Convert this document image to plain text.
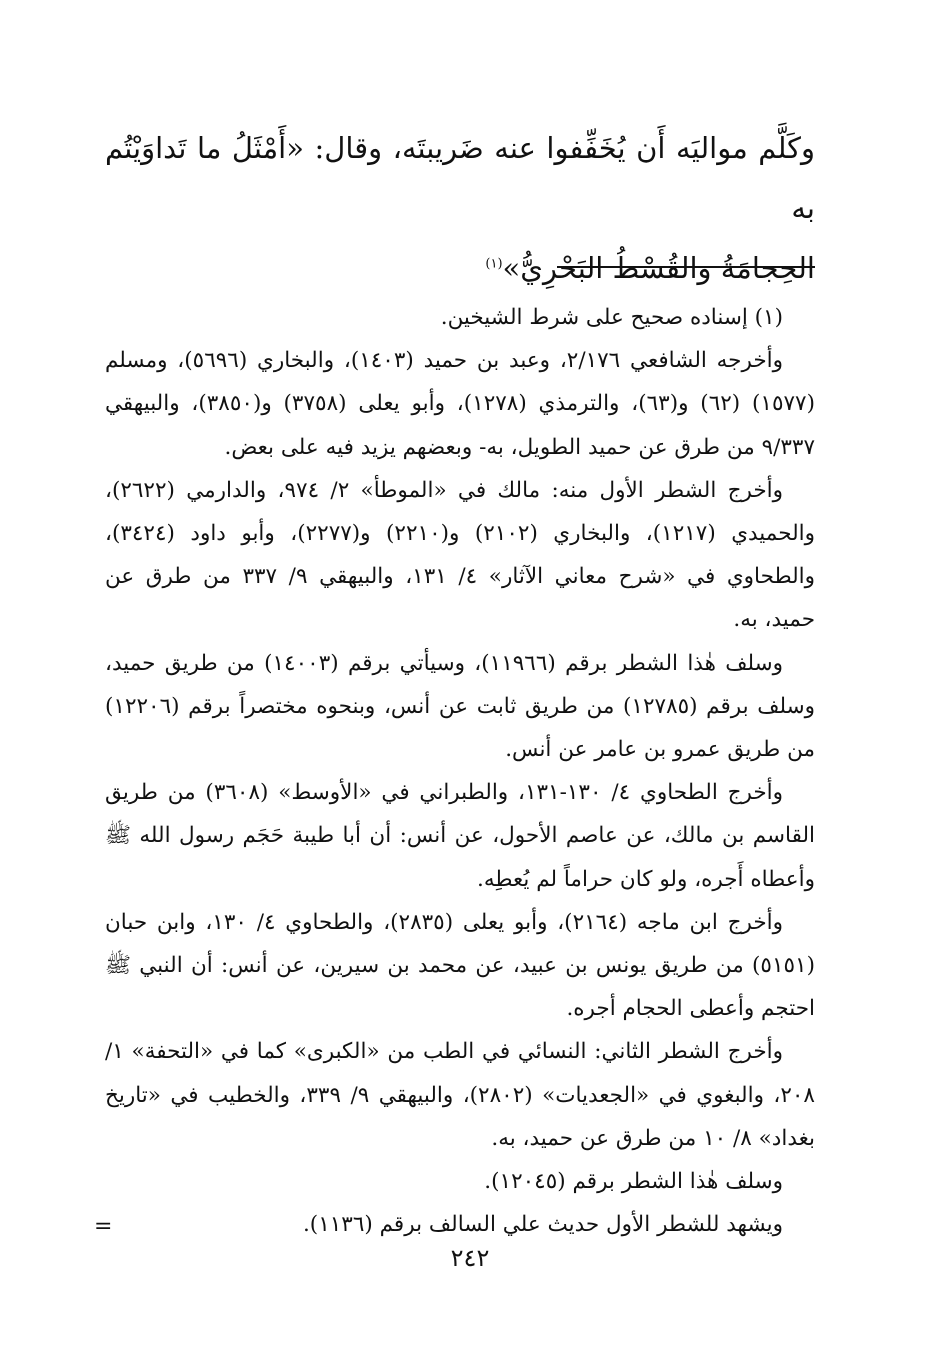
وكَلَّم مواليَه أَن يُخَفِّفوا عنه ضَريبتَه، وقال: «أَمْثَلُ ما تَداوَيْتُم به

الحِجامَةُ والقُسْطُ البَحْرِيُّ»$^{(١)}$

(١) إسناده صحيح على شرط الشيخين.

وأخرجه الشافعي ٢/١٧٦، وعبد بن حميد (١٤٠٣)، والبخاري (٥٦٩٦)، ومسلم (١٥٧٧) (٦٢) و(٦٣)، والترمذي (١٢٧٨)، وأبو يعلى (٣٧٥٨) و(٣٨٥٠)، والبيهقي ٩/٣٣٧ من طرق عن حميد الطويل، به- وبعضهم يزيد فيه على بعض.

وأخرج الشطر الأول منه: مالك في «الموطأ» ٢/ ٩٧٤، والدارمي (٢٦٢٢)، والحميدي (١٢١٧)، والبخاري (٢١٠٢) و(٢٢١٠) و(٢٢٧٧)، وأبو داود (٣٤٢٤)، والطحاوي في «شرح معاني الآثار» ٤/ ١٣١، والبيهقي ٩/ ٣٣٧ من طرق عن حميد، به.

وسلف هٰذا الشطر برقم (١١٩٦٦)، وسيأتي برقم (١٤٠٠٣) من طريق حميد، وسلف برقم (١٢٧٨٥) من طريق ثابت عن أنس، وبنحوه مختصراً برقم (١٢٢٠٦) من طريق عمرو بن عامر عن أنس.

وأخرج الطحاوي ٤/ ١٣٠-١٣١، والطبراني في «الأوسط» (٣٦٠٨) من طريق القاسم بن مالك، عن عاصم الأحول، عن أنس: أن أبا طيبة حَجَم رسول الله ﷺ وأعطاه أَجره، ولو كان حراماً لم يُعطِه.

وأخرج ابن ماجه (٢١٦٤)، وأبو يعلى (٢٨٣٥)، والطحاوي ٤/ ١٣٠، وابن حبان (٥١٥١) من طريق يونس بن عبيد، عن محمد بن سيرين، عن أنس: أن النبي ﷺ احتجم وأعطى الحجام أجره.

وأخرج الشطر الثاني: النسائي في الطب من «الكبرى» كما في «التحفة» ١/ ٢٠٨، والبغوي في «الجعديات» (٢٨٠٢)، والبيهقي ٩/ ٣٣٩، والخطيب في «تاريخ بغداد» ٨/ ١٠ من طرق عن حميد، به.

وسلف هٰذا الشطر برقم (١٢٠٤٥).

ويشهد للشطر الأول حديث علي السالف برقم (١١٣٦).

=
٢٤٢
